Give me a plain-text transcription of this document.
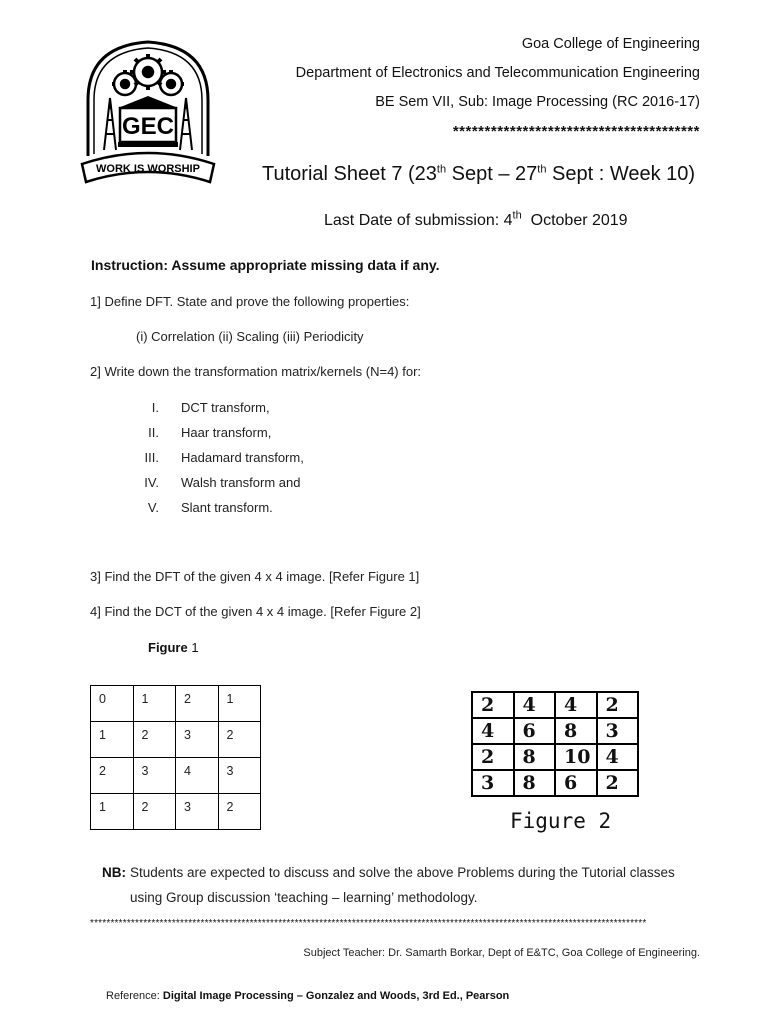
GEC
WORK IS WORSHIP
Goa College of Engineering
Department of Electronics and Telecommunication Engineering
BE Sem VII, Sub: Image Processing (RC 2016-17)
***************************************
Tutorial Sheet 7 (23th Sept – 27th Sept : Week 10)
Last Date of submission: 4th  October 2019
Instruction: Assume appropriate missing data if any.
1] Define DFT. State and prove the following properties:
(i) Correlation (ii) Scaling (iii) Periodicity
2] Write down the transformation matrix/kernels (N=4) for:
I. DCT transform,
II. Haar transform,
III. Hadamard transform,
IV. Walsh transform and
V. Slant transform.
3] Find the DFT of the given 4 x 4 image. [Refer Figure 1]
4] Find the DCT of the given 4 x 4 image. [Refer Figure 2]
Figure 1
0	1	2	1
1	2	3	2
2	3	4	3
1	2	3	2
2	4	4	2
4	6	8	3
2	8	10	4
3	8	6	2
Figure 2
NB: Students are expected to discuss and solve the above Problems during the Tutorial classes
using Group discussion ‘teaching – learning’ methodology.
****************************************************************************************************************************************
Subject Teacher: Dr. Samarth Borkar, Dept of E&TC, Goa College of Engineering.
Reference: Digital Image Processing – Gonzalez and Woods, 3rd Ed., Pearson
